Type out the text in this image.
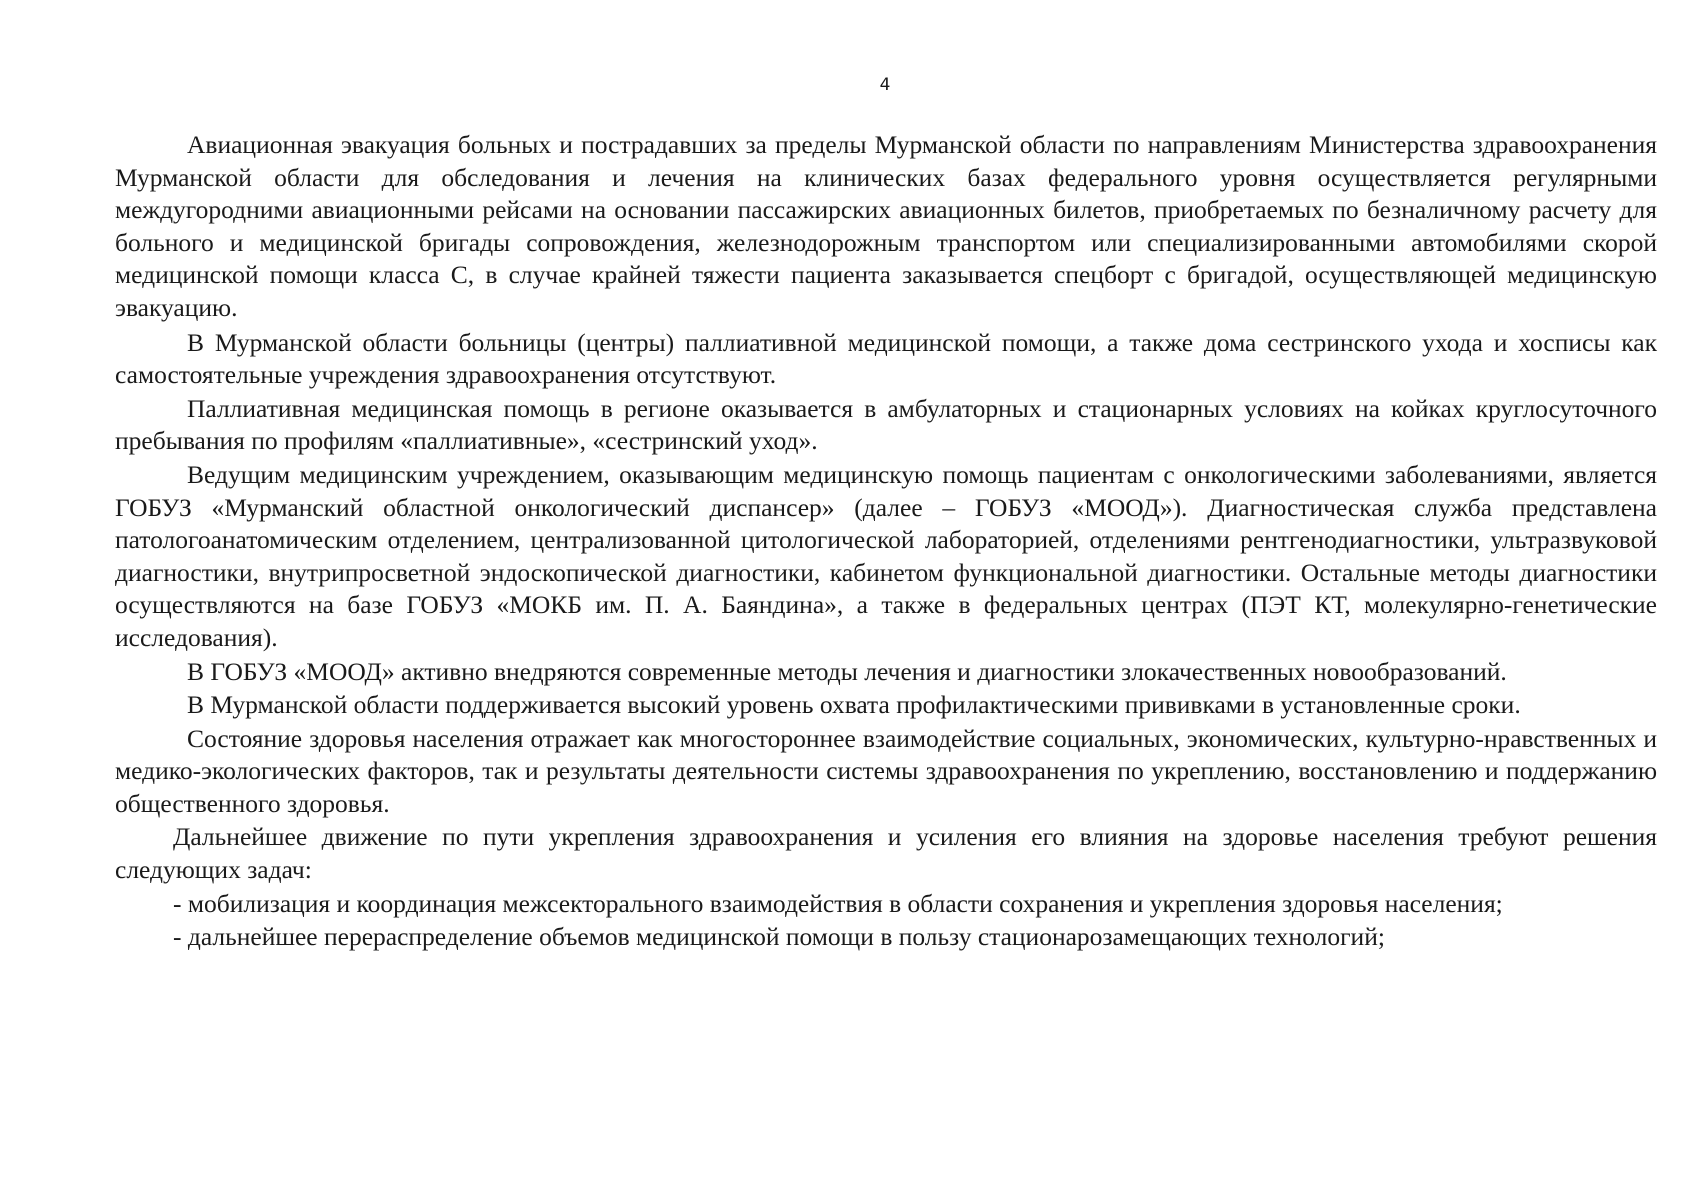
4

Авиационная эвакуация больных и пострадавших за пределы Мурманской области по направлениям Министерства здравоохранения Мурманской области для обследования и лечения на клинических базах федерального уровня осуществляется регулярными междугородними авиационными рейсами на основании пассажирских авиационных билетов, приобретаемых по безналичному расчету для больного и медицинской бригады сопровождения, железнодорожным транспортом или специализированными автомобилями скорой медицинской помощи класса С, в случае крайней тяжести пациента заказывается спецборт с бригадой, осуществляющей медицинскую эвакуацию.

В Мурманской области больницы (центры) паллиативной медицинской помощи, а также дома сестринского ухода и хосписы как самостоятельные учреждения здравоохранения отсутствуют.

Паллиативная медицинская помощь в регионе оказывается в амбулаторных и стационарных условиях на койках круглосуточного пребывания по профилям «паллиативные», «сестринский уход».

Ведущим медицинским учреждением, оказывающим медицинскую помощь пациентам с онкологическими заболеваниями, является ГОБУЗ «Мурманский областной онкологический диспансер» (далее – ГОБУЗ «МООД»). Диагностическая служба представлена патологоанатомическим отделением, централизованной цитологической лабораторией, отделениями рентгенодиагностики, ультразвуковой диагностики, внутрипросветной эндоскопической диагностики, кабинетом функциональной диагностики. Остальные методы диагностики осуществляются на базе ГОБУЗ «МОКБ им. П. А. Баяндина», а также в федеральных центрах (ПЭТ КТ, молекулярно-генетические исследования).

В ГОБУЗ «МООД» активно внедряются современные методы лечения и диагностики злокачественных новообразований.

В Мурманской области поддерживается высокий уровень охвата профилактическими прививками в установленные сроки.

Состояние здоровья населения отражает как многостороннее взаимодействие социальных, экономических, культурно-нравственных и медико-экологических факторов, так и результаты деятельности системы здравоохранения по укреплению, восстановлению и поддержанию общественного здоровья.

Дальнейшее движение по пути укрепления здравоохранения и усиления его влияния на здоровье населения требуют решения следующих задач:

- мобилизация и координация межсекторального взаимодействия в области сохранения и укрепления здоровья населения;

- дальнейшее перераспределение объемов медицинской помощи в пользу стационарозамещающих технологий;
